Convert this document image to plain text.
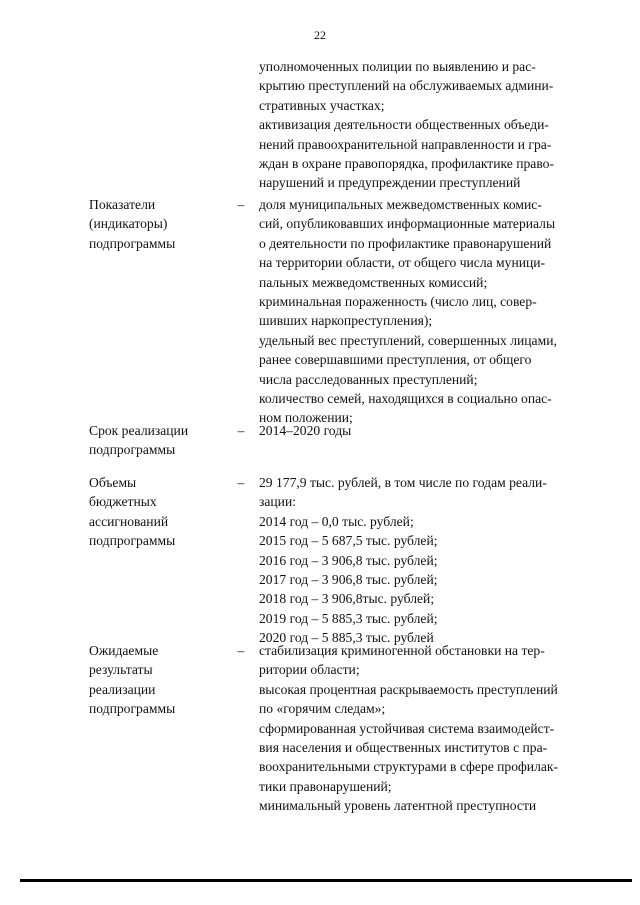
22
уполномоченных полиции по выявлению и рас-
крытию преступлений на обслуживаемых админи-
стративных участках;
активизация деятельности общественных объеди-
нений правоохранительной направленности и гра-
ждан в охране правопорядка, профилактике право-
нарушений и предупреждении преступлений
Показатели
(индикаторы)
подпрограммы
– доля муниципальных межведомственных комис-
сий, опубликовавших информационные материалы
о деятельности по профилактике правонарушений
на территории области, от общего числа муници-
пальных межведомственных комиссий;
криминальная пораженность (число лиц, совер-
шивших наркопреступления);
удельный вес преступлений, совершенных лицами,
ранее совершавшими преступления, от общего
числа расследованных преступлений;
количество семей, находящихся в социально опас-
ном положении;
Срок реализации
подпрограммы
– 2014–2020 годы
Объемы
бюджетных
ассигнований
подпрограммы
– 29 177,9 тыс. рублей, в том числе по годам реали-
зации:
2014 год – 0,0 тыс. рублей;
2015 год – 5 687,5 тыс. рублей;
2016 год – 3 906,8 тыс. рублей;
2017 год – 3 906,8 тыс. рублей;
2018 год – 3 906,8тыс. рублей;
2019 год – 5 885,3 тыс. рублей;
2020 год – 5 885,3 тыс. рублей
Ожидаемые
результаты
реализации
подпрограммы
– стабилизация криминогенной обстановки на тер-
ритории области;
высокая процентная раскрываемость преступлений
по «горячим следам»;
сформированная устойчивая система взаимодейст-
вия населения и общественных институтов с пра-
воохранительными структурами в сфере профилак-
тики правонарушений;
минимальный уровень латентной преступности
